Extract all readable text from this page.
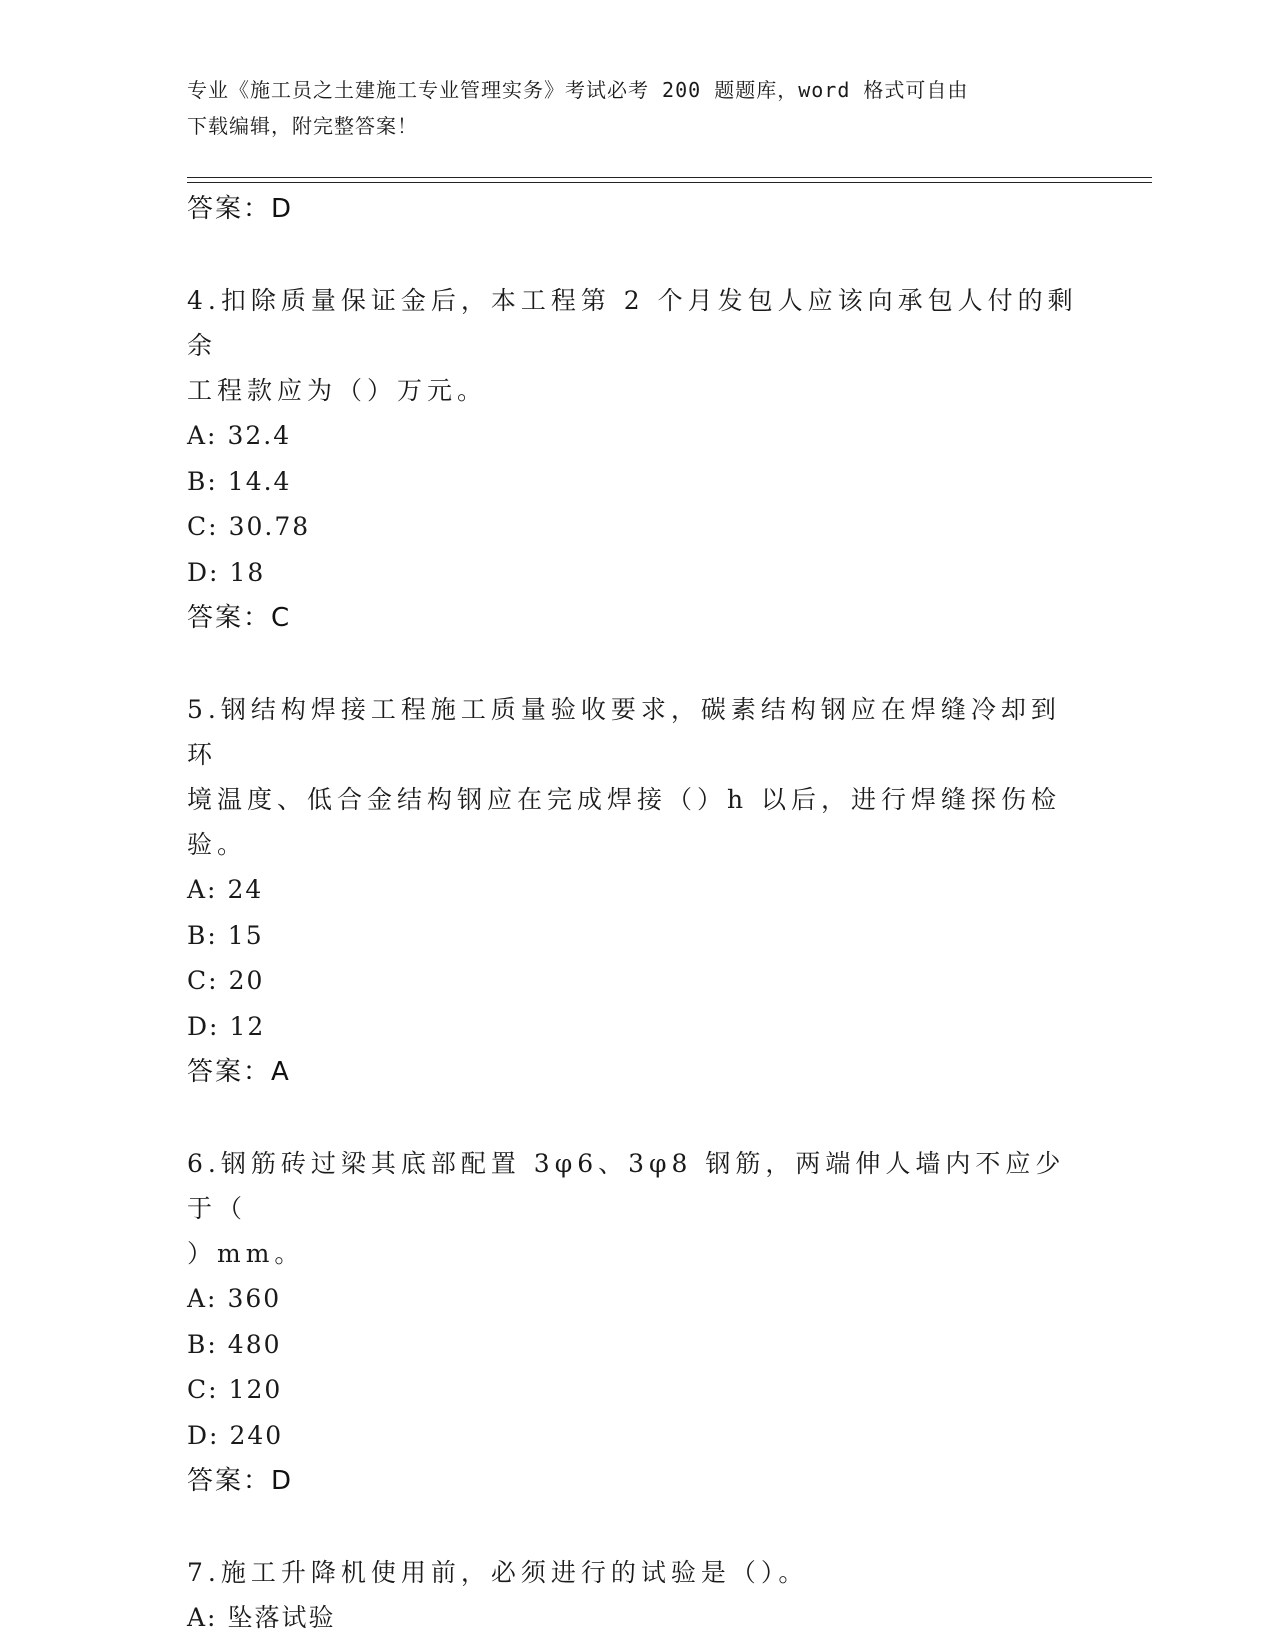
专业《施工员之土建施工专业管理实务》考试必考 200 题题库，word 格式可自由
下载编辑，附完整答案！
答案：D
4.扣除质量保证金后，本工程第 2 个月发包人应该向承包人付的剩余
工程款应为（）万元。
A: 32.4
B: 14.4
C: 30.78
D: 18
答案：C
5.钢结构焊接工程施工质量验收要求，碳素结构钢应在焊缝冷却到环
境温度、低合金结构钢应在完成焊接（）h 以后，进行焊缝探伤检验。
A: 24
B: 15
C: 20
D: 12
答案：A
6.钢筋砖过梁其底部配置 3φ6、3φ8 钢筋，两端伸人墙内不应少于（
）mm。
A: 360
B: 480
C: 120
D: 240
答案：D
7.施工升降机使用前，必须进行的试验是（）。
A: 坠落试验
